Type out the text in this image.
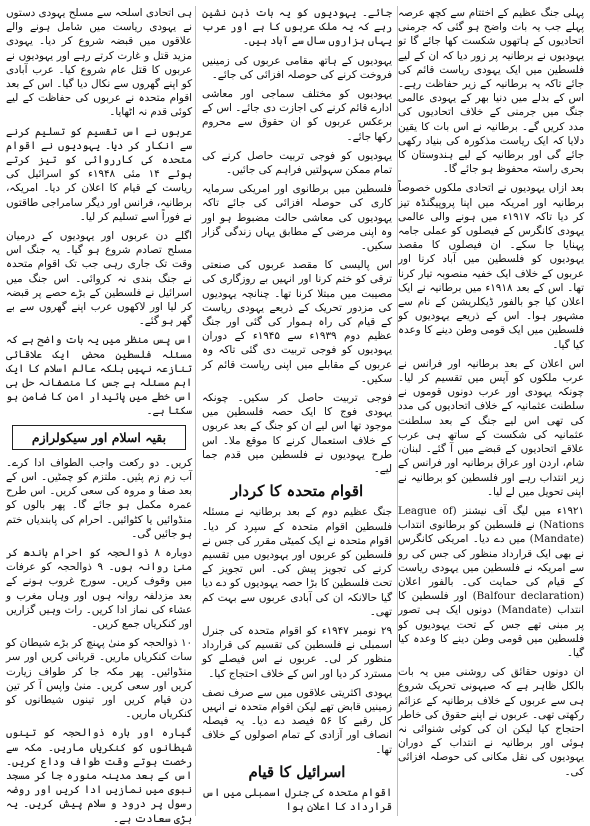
پہلی جنگ عظیم کے اختتام سے کچھ عرصہ پہلے جب یہ بات واضح ہو گئی کہ جرمنی اتحادیوں کے ہاتھوں شکست کھا جائے گا تو یہودیوں نے برطانیہ پر زور دیا کہ ان کے لیے فلسطین میں ایک یہودی ریاست قائم کی جائے تاکہ یہ برطانیہ کے زیر حفاظت رہے۔ اس کے بدلے میں دنیا بھر کے یہودی عالمی جنگ میں جرمنی کے خلاف اتحادیوں کی مدد کریں گے۔ برطانیہ نے اس بات کا یقین دلایا کہ ایک ریاست مذکورہ کی بنیاد رکھی جائے گی اور برطانیہ کے لیے ہندوستان کا بحری راستہ محفوظ ہو جائے گا۔

بعد ازاں یہودیوں نے اتحادی ملکوں خصوصاً برطانیہ اور امریکہ میں اپنا پروپیگنڈہ تیز کر دیا تاکہ ۱۹۱۷ء میں ہونے والی عالمی یہودی کانگرس کے فیصلوں کو عملی جامہ پہنایا جا سکے۔ ان فیصلوں کا مقصد یہودیوں کو فلسطین میں آباد کرنا اور عربوں کے خلاف ایک خفیہ منصوبہ تیار کرنا تھا۔ اس کے بعد ۱۹۱۸ء میں برطانیہ نے ایک اعلان کیا جو بالفور ڈیکلریشن کے نام سے مشہور ہوا۔ اس کے ذریعے یہودیوں کو فلسطین میں ایک قومی وطن دینے کا وعدہ کیا گیا۔

اس اعلان کے بعد برطانیہ اور فرانس نے عرب ملکوں کو آپس میں تقسیم کر لیا۔ چونکہ یہودی اور عرب دونوں قوموں نے سلطنت عثمانیہ کے خلاف اتحادیوں کی مدد کی تھی اس لیے جنگ کے بعد سلطنت عثمانیہ کی شکست کے ساتھ ہی عرب علاقے اتحادیوں کے قبضے میں آ گئے۔ لبنان، شام، اردن اور عراق برطانیہ اور فرانس کے زیر انتداب رہے اور فلسطین کو برطانیہ نے اپنی تحویل میں لے لیا۔

۱۹۲۱ء میں لیگ آف نیشنز (League of Nations) نے فلسطین کو برطانوی انتداب (Mandate) میں دے دیا۔ امریکی کانگرس نے بھی ایک قرارداد منظور کی جس کی رو سے امریکہ نے فلسطین میں یہودی ریاست کے قیام کی حمایت کی۔ بالفور اعلان (Balfour declaration) اور فلسطین کا انتداب (Mandate) دونوں ایک ہی تصور پر مبنی تھے جس کے تحت یہودیوں کو فلسطین میں قومی وطن دینے کا وعدہ کیا گیا۔

ان دونوں حقائق کی روشنی میں یہ بات بالکل ظاہر ہے کہ صیہونی تحریک شروع ہی سے عربوں کے خلاف برطانیہ کے عزائم رکھتی تھی۔ عربوں نے اپنے حقوق کی خاطر احتجاج کیا لیکن ان کی کوئی شنوائی نہ ہوئی اور برطانیہ نے انتداب کے دوران یہودیوں کی نقل مکانی کی حوصلہ افزائی کی۔

جائے۔ یہودیوں کو یہ بات ذہن نشین رہے کہ یہ ملک عربوں کا ہے اور عرب یہاں ہزاروں سال سے آباد ہیں۔

یہودیوں کے ہاتھ مقامی عربوں کی زمینیں فروخت کرنے کی حوصلہ افزائی کی جائے۔

یہودیوں کو مختلف سماجی اور معاشی ادارے قائم کرنے کی اجازت دی جائے۔ اس کے برعکس عربوں کو ان حقوق سے محروم رکھا جائے۔

یہودیوں کو فوجی تربیت حاصل کرنے کی تمام ممکن سہولتیں فراہم کی جائیں۔

فلسطین میں برطانوی اور امریکی سرمایہ کاری کی حوصلہ افزائی کی جائے تاکہ یہودیوں کی معاشی حالت مضبوط ہو اور وہ اپنی مرضی کے مطابق یہاں زندگی گزار سکیں۔

اس پالیسی کا مقصد عربوں کی صنعتی ترقی کو ختم کرنا اور انہیں بے روزگاری کی مصیبت میں مبتلا کرنا تھا۔ چنانچہ یہودیوں کی مزدور تحریک کے ذریعے یہودی ریاست کے قیام کی راہ ہموار کی گئی اور جنگ عظیم دوم ۱۹۳۹ء سے ۱۹۴۵ء کے دوران یہودیوں کو فوجی تربیت دی گئی تاکہ وہ عربوں کے مقابلے میں اپنی ریاست قائم کر سکیں۔

فوجی تربیت حاصل کر سکیں۔ چونکہ یہودی فوج کا ایک حصہ فلسطین میں موجود تھا اس لیے ان کو جنگ کے بعد عربوں کے خلاف استعمال کرنے کا موقع ملا۔ اس طرح یہودیوں نے فلسطین میں قدم جما لیے۔

اقوام متحدہ کا کردار

جنگ عظیم دوم کے بعد برطانیہ نے مسئلہ فلسطین اقوام متحدہ کے سپرد کر دیا۔ اقوام متحدہ نے ایک کمیٹی مقرر کی جس نے فلسطین کو عربوں اور یہودیوں میں تقسیم کرنے کی تجویز پیش کی۔ اس تجویز کے تحت فلسطین کا بڑا حصہ یہودیوں کو دے دیا گیا حالانکہ ان کی آبادی عربوں سے بہت کم تھی۔

۲۹ نومبر ۱۹۴۷ء کو اقوام متحدہ کی جنرل اسمبلی نے فلسطین کی تقسیم کی قرارداد منظور کر لی۔ عربوں نے اس فیصلے کو مسترد کر دیا اور اس کے خلاف احتجاج کیا۔

یہودی اکثریتی علاقوں میں سے صرف نصف زمینیں قابض تھے لیکن اقوام متحدہ نے انہیں کل رقبے کا ۵۶ فیصد دے دیا۔ یہ فیصلہ انصاف اور آزادی کے تمام اصولوں کے خلاف تھا۔

اسرائیل کا قیام

اقوام متحدہ کی جنرل اسمبلی میں اس قرارداد کا اعلان ہوا

ہی اتحادی اسلحہ سے مسلح یہودی دستوں نے یہودی ریاست میں شامل ہونے والے علاقوں میں قبضہ شروع کر دیا۔ یہودی مزید قتل و غارت کرتے رہے اور یہودیوں نے عربوں کا قتل عام شروع کیا۔ عرب آبادی کو اپنے گھروں سے نکال دیا گیا۔ اس کے بعد اقوام متحدہ نے عربوں کی حفاظت کے لیے کوئی قدم نہ اٹھایا۔

عربوں نے اس تقسیم کو تسلیم کرنے سے انکار کر دیا۔ یہودیوں نے اقوام متحدہ کی کارروائی کو تیز کرتے ہوئے ۱۴ مئی ۱۹۴۸ء کو اسرائیل کی ریاست کے قیام کا اعلان کر دیا۔ امریکہ، برطانیہ، فرانس اور دیگر سامراجی طاقتوں نے فوراً اسے تسلیم کر لیا۔

اگلے دن عربوں اور یہودیوں کے درمیان مسلح تصادم شروع ہو گیا۔ یہ جنگ اس وقت تک جاری رہی جب تک اقوام متحدہ نے جنگ بندی نہ کروائی۔ اس جنگ میں اسرائیل نے فلسطین کے بڑے حصے پر قبضہ کر لیا اور لاکھوں عرب اپنے گھروں سے بے گھر ہو گئے۔

اس پس منظر میں یہ بات واضح ہے کہ مسئلہ فلسطین محض ایک علاقائی تنازعہ نہیں بلکہ عالم اسلام کا ایک اہم مسئلہ ہے جس کا منصفانہ حل ہی اس خطے میں پائیدار امن کا ضامن ہو سکتا ہے۔

بقیہ اسلام اور سیکولرازم

کریں۔ دو رکعت واجب الطواف ادا کرے۔ آب زم زم پئیں۔ ملتزم کو چمٹیں۔ اس کے بعد صفا و مروہ کی سعی کریں۔ اس طرح عمرہ مکمل ہو جائے گا۔ پھر بالوں کو منڈوائیں یا کٹوائیں۔ احرام کی پابندیاں ختم ہو جائیں گی۔

دوبارہ ۸ ذوالحجہ کو احرام باندھ کر منیٰ روانہ ہوں۔ ۹ ذوالحجہ کو عرفات میں وقوف کریں۔ سورج غروب ہونے کے بعد مزدلفہ روانہ ہوں اور وہاں مغرب و عشاء کی نماز ادا کریں۔ رات وہیں گزاریں اور کنکریاں جمع کریں۔

۱۰ ذوالحجہ کو منیٰ پہنچ کر بڑے شیطان کو سات کنکریاں ماریں۔ قربانی کریں اور سر منڈوائیں۔ پھر مکہ جا کر طواف زیارت کریں اور سعی کریں۔ منیٰ واپس آ کر تین دن قیام کریں اور تینوں شیطانوں کو کنکریاں ماریں۔

گیارہ اور بارہ ذوالحجہ کو تینوں شیطانوں کو کنکریاں ماریں۔ مکہ سے رخصت ہوتے وقت طواف وداع کریں۔ اس کے بعد مدینہ منورہ جا کر مسجد نبوی میں نمازیں ادا کریں اور روضہ رسول پر درود و سلام پیش کریں۔ یہ بڑی سعادت ہے۔
